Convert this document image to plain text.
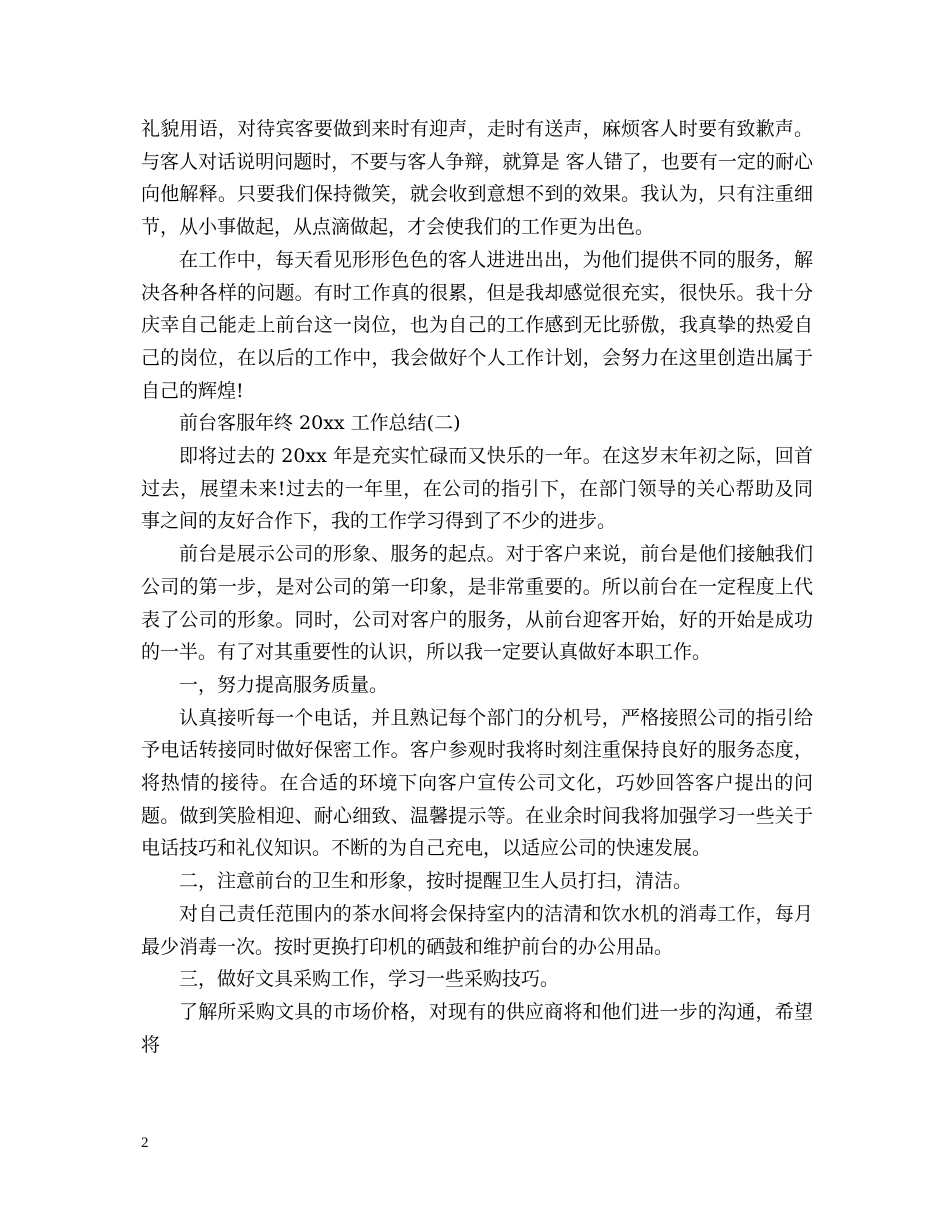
礼貌用语，对待宾客要做到来时有迎声，走时有送声，麻烦客人时要有致歉声。与客人对话说明问题时，不要与客人争辩，就算是 客人错了，也要有一定的耐心向他解释。只要我们保持微笑，就会收到意想不到的效果。我认为，只有注重细节，从小事做起，从点滴做起，才会使我们的工作更为出色。

在工作中，每天看见形形色色的客人进进出出，为他们提供不同的服务，解决各种各样的问题。有时工作真的很累，但是我却感觉很充实，很快乐。我十分庆幸自己能走上前台这一岗位，也为自己的工作感到无比骄傲，我真挚的热爱自己的岗位，在以后的工作中，我会做好个人工作计划，会努力在这里创造出属于自己的辉煌!

前台客服年终 20xx 工作总结(二)

即将过去的 20xx 年是充实忙碌而又快乐的一年。在这岁末年初之际，回首过去，展望未来!过去的一年里，在公司的指引下，在部门领导的关心帮助及同事之间的友好合作下，我的工作学习得到了不少的进步。

前台是展示公司的形象、服务的起点。对于客户来说，前台是他们接触我们公司的第一步，是对公司的第一印象，是非常重要的。所以前台在一定程度上代表了公司的形象。同时，公司对客户的服务，从前台迎客开始，好的开始是成功的一半。有了对其重要性的认识，所以我一定要认真做好本职工作。

一，努力提高服务质量。

认真接听每一个电话，并且熟记每个部门的分机号，严格接照公司的指引给予电话转接同时做好保密工作。客户参观时我将时刻注重保持良好的服务态度，将热情的接待。在合适的环境下向客户宣传公司文化，巧妙回答客户提出的问题。做到笑脸相迎、耐心细致、温馨提示等。在业余时间我将加强学习一些关于电话技巧和礼仪知识。不断的为自己充电，以适应公司的快速发展。

二，注意前台的卫生和形象，按时提醒卫生人员打扫，清洁。

对自己责任范围内的茶水间将会保持室内的洁清和饮水机的消毒工作，每月最少消毒一次。按时更换打印机的硒鼓和维护前台的办公用品。

三，做好文具采购工作，学习一些采购技巧。

了解所采购文具的市场价格，对现有的供应商将和他们进一步的沟通，希望将

2
